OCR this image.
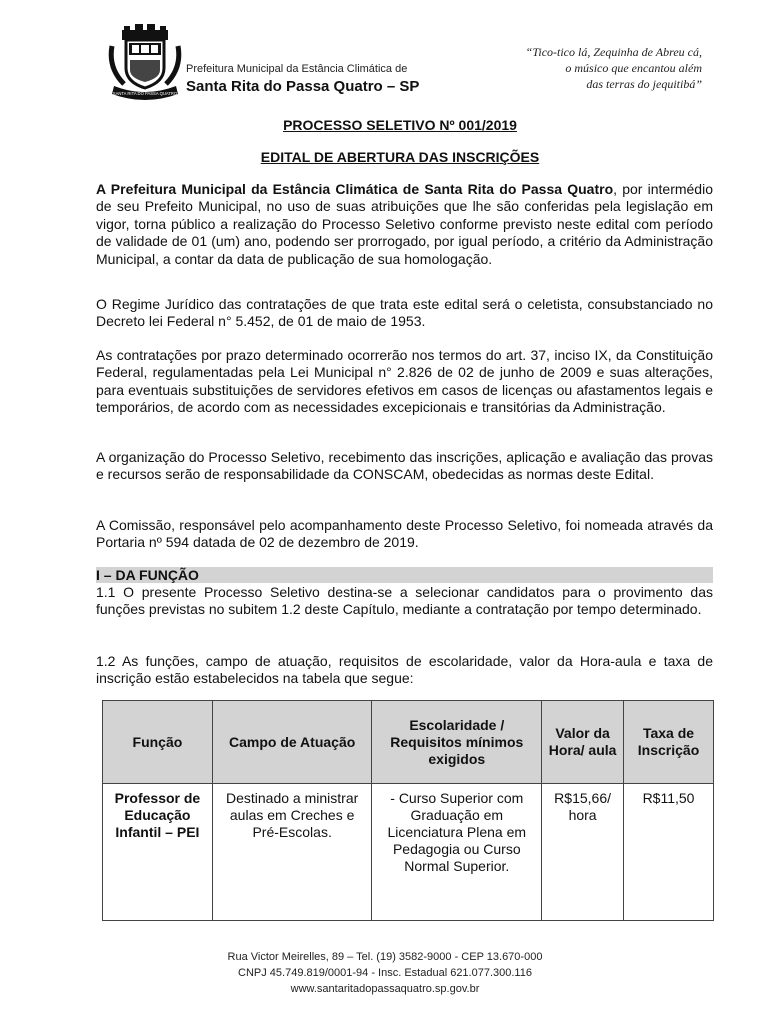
SANTA RITA DO PASSA QUATRO
Prefeitura Municipal da Estância Climática de
Santa Rita do Passa Quatro – SP
“Tico-tico lá, Zequinha de Abreu cá,
o músico que encantou além
das terras do jequitibá”
PROCESSO SELETIVO Nº 001/2019
EDITAL DE ABERTURA DAS INSCRIÇÕES

A Prefeitura Municipal da Estância Climática de Santa Rita do Passa Quatro, por intermédio de seu Prefeito Municipal, no uso de suas atribuições que lhe são conferidas pela legislação em vigor, torna público a realização do Processo Seletivo conforme previsto neste edital com período de validade de 01 (um) ano, podendo ser prorrogado, por igual período, a critério da Administração Municipal, a contar da data de publicação de sua homologação.

O Regime Jurídico das contratações de que trata este edital será o celetista, consubstanciado no Decreto lei Federal n° 5.452, de 01 de maio de 1953.

As contratações por prazo determinado ocorrerão nos termos do art. 37, inciso IX, da Constituição Federal, regulamentadas pela Lei Municipal n° 2.826 de 02 de junho de 2009 e suas alterações, para eventuais substituições de servidores efetivos em casos de licenças ou afastamentos legais e temporários, de acordo com as necessidades excepicionais e transitórias da Administração.

A organização do Processo Seletivo, recebimento das inscrições, aplicação e avaliação das provas e recursos serão de responsabilidade da CONSCAM, obedecidas as normas deste Edital.

A Comissão, responsável pelo acompanhamento deste Processo Seletivo, foi nomeada através da Portaria nº 594 datada de 02 de dezembro de 2019.

I – DA FUNÇÃO

1.1 O presente Processo Seletivo destina-se a selecionar candidatos para o provimento das funções previstas no subitem 1.2 deste Capítulo, mediante a contratação por tempo determinado.

1.2 As funções, campo de atuação, requisitos de escolaridade, valor da Hora-aula e taxa de inscrição estão estabelecidos na tabela que segue:

Função	Campo de Atuação	Escolaridade / Requisitos mínimos exigidos	Valor da Hora/ aula	Taxa de Inscrição
Professor de Educação Infantil – PEI	Destinado a ministrar aulas em Creches e Pré-Escolas.	- Curso Superior com Graduação em Licenciatura Plena em Pedagogia ou Curso Normal Superior.	R$15,66/ hora	R$11,50
Rua Victor Meirelles, 89 – Tel. (19) 3582-9000 - CEP 13.670-000
CNPJ 45.749.819/0001-94 - Insc. Estadual 621.077.300.116
www.santaritadopassaquatro.sp.gov.br
